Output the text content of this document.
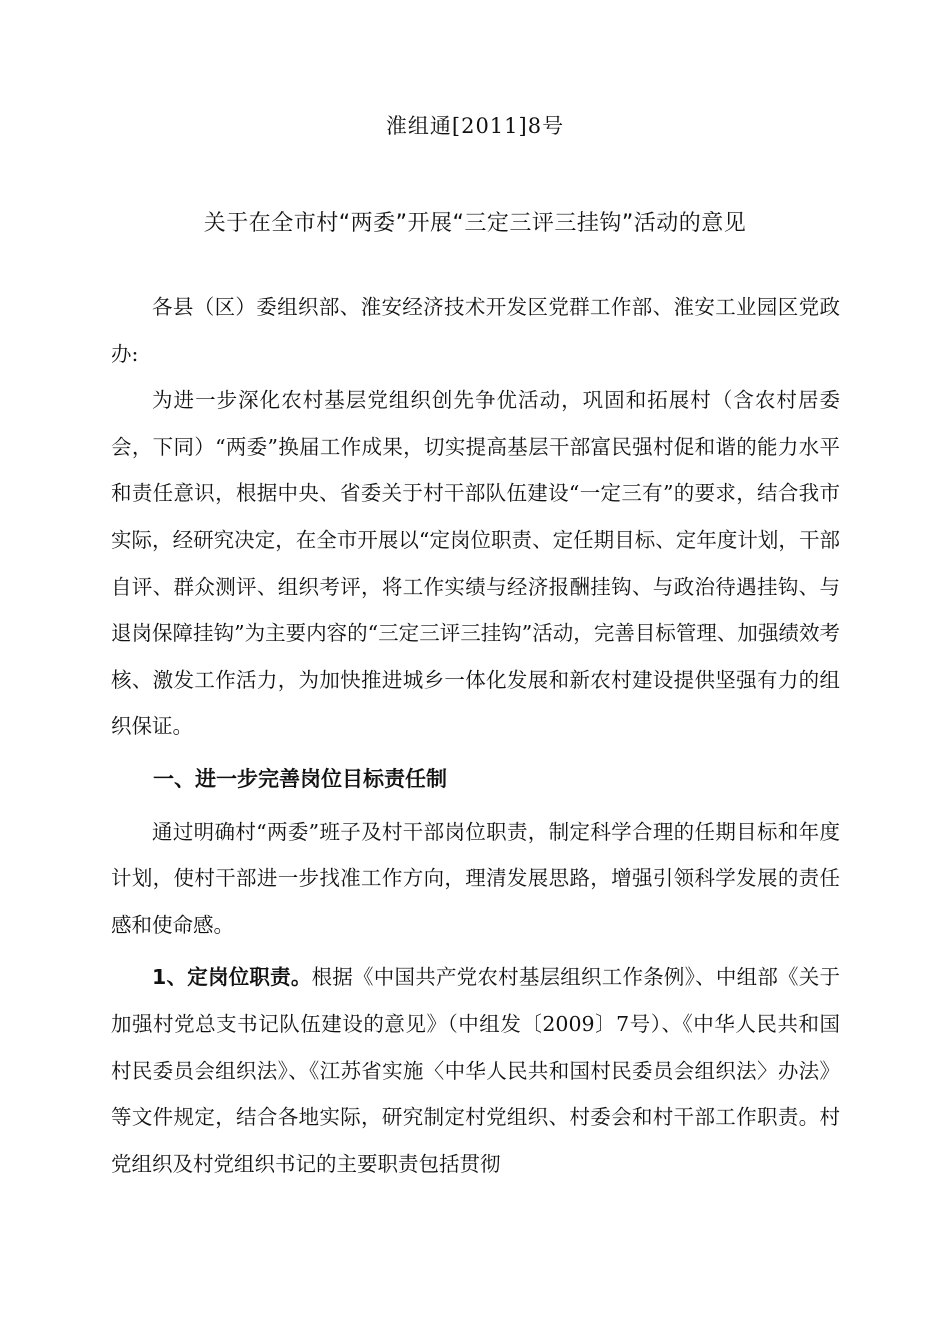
淮组通[2011]8号
关于在全市村“两委”开展“三定三评三挂钩”活动的意见

各县（区）委组织部、淮安经济技术开发区党群工作部、淮安工业园区党政办:

为进一步深化农村基层党组织创先争优活动，巩固和拓展村（含农村居委会，下同）“两委”换届工作成果，切实提高基层干部富民强村促和谐的能力水平和责任意识，根据中央、省委关于村干部队伍建设“一定三有”的要求，结合我市实际，经研究决定，在全市开展以“定岗位职责、定任期目标、定年度计划，干部自评、群众测评、组织考评，将工作实绩与经济报酬挂钩、与政治待遇挂钩、与退岗保障挂钩”为主要内容的“三定三评三挂钩”活动，完善目标管理、加强绩效考核、激发工作活力，为加快推进城乡一体化发展和新农村建设提供坚强有力的组织保证。

一、进一步完善岗位目标责任制

通过明确村“两委”班子及村干部岗位职责，制定科学合理的任期目标和年度计划，使村干部进一步找准工作方向，理清发展思路，增强引领科学发展的责任感和使命感。

1、定岗位职责。根据《中国共产党农村基层组织工作条例》、中组部《关于加强村党总支书记队伍建设的意见》（中组发〔2009〕7号）、《中华人民共和国村民委员会组织法》、《江苏省实施〈中华人民共和国村民委员会组织法〉办法》等文件规定，结合各地实际，研究制定村党组织、村委会和村干部工作职责。村党组织及村党组织书记的主要职责包括贯彻
